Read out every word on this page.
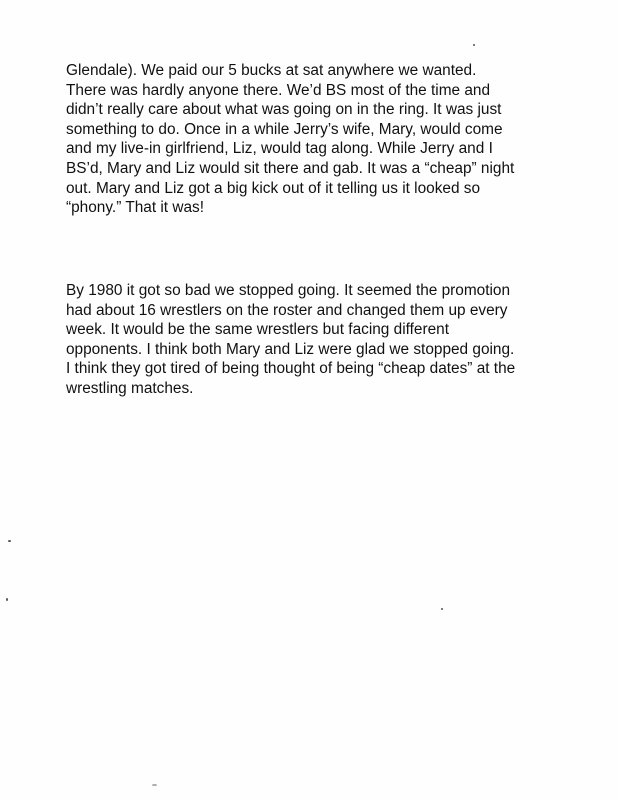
Glendale). We paid our 5 bucks at sat anywhere we wanted.
There was hardly anyone there. We’d BS most of the time and
didn’t really care about what was going on in the ring. It was just
something to do. Once in a while Jerry’s wife, Mary, would come
and my live-in girlfriend, Liz, would tag along. While Jerry and I
BS’d, Mary and Liz would sit there and gab. It was a “cheap” night
out. Mary and Liz got a big kick out of it telling us it looked so
“phony.” That it was!

By 1980 it got so bad we stopped going. It seemed the promotion
had about 16 wrestlers on the roster and changed them up every
week. It would be the same wrestlers but facing different
opponents. I think both Mary and Liz were glad we stopped going.
I think they got tired of being thought of being “cheap dates” at the
wrestling matches.
